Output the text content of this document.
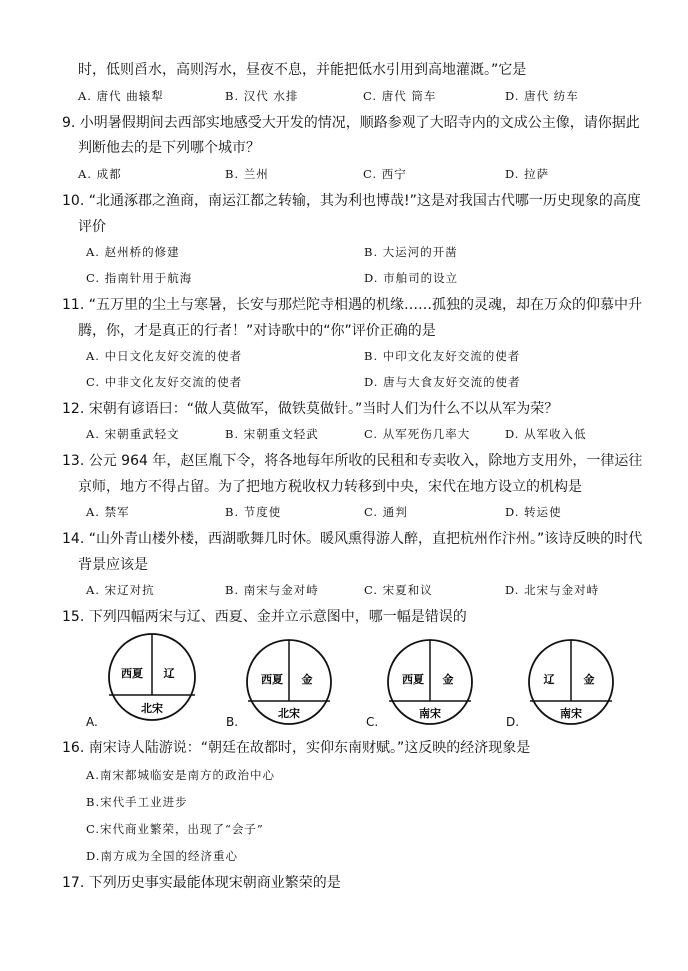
时，低则舀水，高则泻水，昼夜不息，并能把低水引用到高地灌溉。”它是
A. 唐代 曲辕犁	B. 汉代 水排	C. 唐代 筒车	D. 唐代 纺车
9. 小明暑假期间去西部实地感受大开发的情况，顺路参观了大昭寺内的文成公主像，请你据此
判断他去的是下列哪个城市？
A. 成都	B. 兰州	C. 西宁	D. 拉萨
10. “北通涿郡之渔商，南运江都之转输，其为利也博哉!”这是对我国古代哪一历史现象的高度
评价
A. 赵州桥的修建	B. 大运河的开凿
C. 指南针用于航海	D. 市舶司的设立
11. “五万里的尘土与寒暑，长安与那烂陀寺相遇的机缘……孤独的灵魂，却在万众的仰慕中升
腾，你，才是真正的行者！”对诗歌中的“你”评价正确的是
A. 中日文化友好交流的使者	B. 中印文化友好交流的使者
C. 中非文化友好交流的使者	D. 唐与大食友好交流的使者
12. 宋朝有谚语曰：“做人莫做军，做铁莫做针。”当时人们为什么不以从军为荣？
A. 宋朝重武轻文	B. 宋朝重文轻武	C. 从军死伤几率大	D. 从军收入低
13. 公元 964 年，赵匡胤下令，将各地每年所收的民租和专卖收入，除地方支用外，一律运往
京师，地方不得占留。为了把地方税收权力转移到中央，宋代在地方设立的机构是
A. 禁军	B. 节度使	C. 通判	D. 转运使
14. “山外青山楼外楼，西湖歌舞几时休。暖风熏得游人醉，直把杭州作汴州。”该诗反映的时代
背景应该是
A. 宋辽对抗	B. 南宋与金对峙	C. 宋夏和议	D. 北宋与金对峙
15. 下列四幅两宋与辽、西夏、金并立示意图中，哪一幅是错误的
A.
西夏 辽
北宋
B.
西夏 金
北宋
C.
西夏 金
南宋
D.
辽	金
南宋
16. 南宋诗人陆游说：“朝廷在故都时，实仰东南财赋。”这反映的经济现象是
A.南宋都城临安是南方的政治中心
B.宋代手工业进步
C.宋代商业繁荣，出现了“会子”
D.南方成为全国的经济重心
17. 下列历史事实最能体现宋朝商业繁荣的是
